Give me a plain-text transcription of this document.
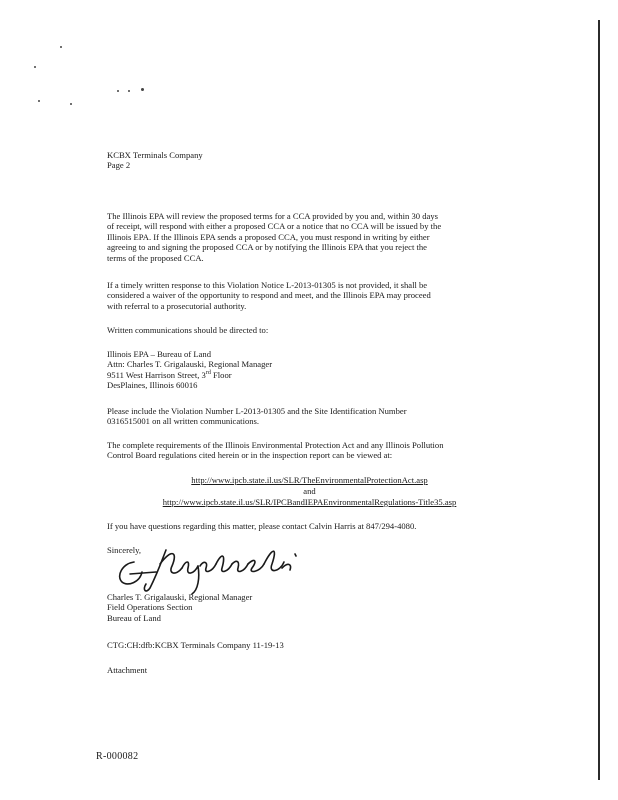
KCBX Terminals Company
Page 2
The Illinois EPA will review the proposed terms for a CCA provided by you and, within 30 days
of receipt, will respond with either a proposed CCA or a notice that no CCA will be issued by the
Illinois EPA. If the Illinois EPA sends a proposed CCA, you must respond in writing by either
agreeing to and signing the proposed CCA or by notifying the Illinois EPA that you reject the
terms of the proposed CCA.
If a timely written response to this Violation Notice L-2013-01305 is not provided, it shall be
considered a waiver of the opportunity to respond and meet, and the Illinois EPA may proceed
with referral to a prosecutorial authority.
Written communications should be directed to:
Illinois EPA – Bureau of Land
Attn: Charles T. Grigalauski, Regional Manager
9511 West Harrison Street, 3rd Floor
DesPlaines, Illinois 60016
Please include the Violation Number L-2013-01305 and the Site Identification Number
0316515001 on all written communications.
The complete requirements of the Illinois Environmental Protection Act and any Illinois Pollution
Control Board regulations cited herein or in the inspection report can be viewed at:
http://www.ipcb.state.il.us/SLR/TheEnvironmentalProtectionAct.asp
and
http://www.ipcb.state.il.us/SLR/IPCBandIEPAEnvironmentalRegulations-Title35.asp
If you have questions regarding this matter, please contact Calvin Harris at 847/294-4080.
Sincerely,
Charles T. Grigalauski, Regional Manager
Field Operations Section
Bureau of Land
CTG:CH:dfb:KCBX Terminals Company 11-19-13
Attachment
R-000082
